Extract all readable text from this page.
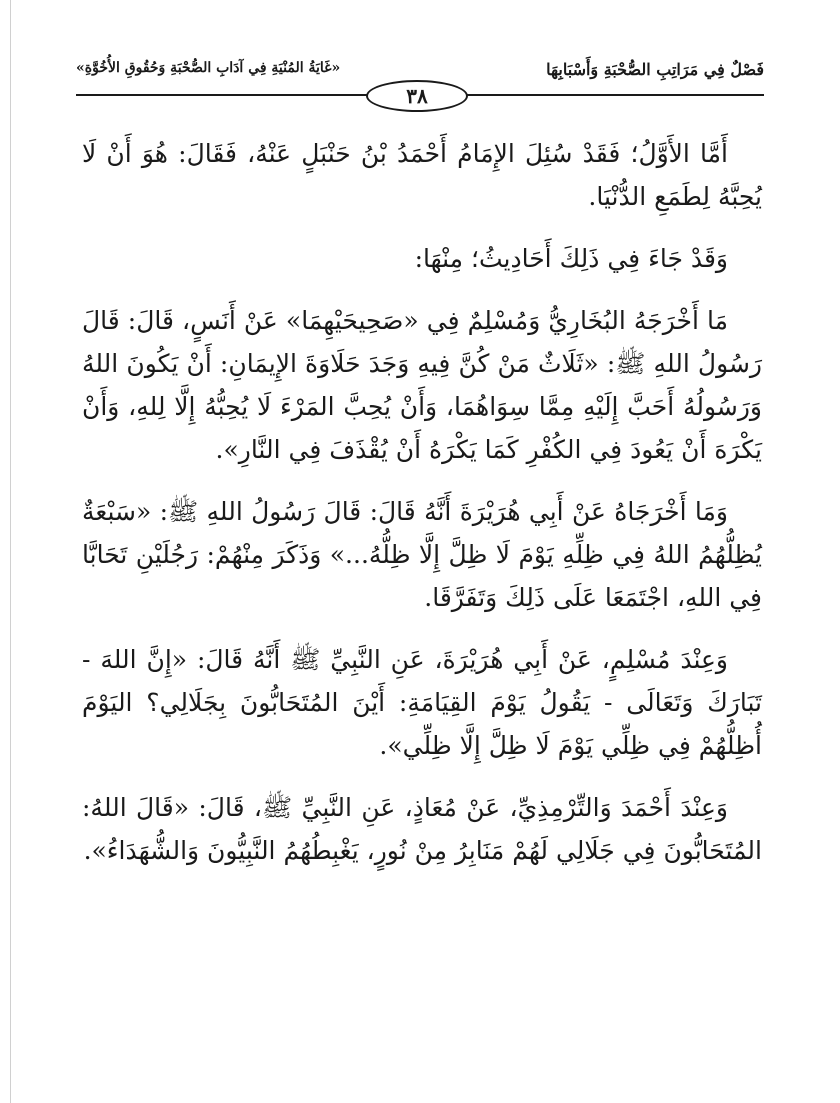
فَصْلٌ فِي مَرَاتِبِ الصُّحْبَةِ وَأَسْبَابِهَا
«غَايَةُ المُنْيَةِ فِي آدَابِ الصُّحْبَةِ وَحُقُوقِ الأُخُوَّةِ»
٣٨

أَمَّا الأَوَّلُ؛ فَقَدْ سُئِلَ الإِمَامُ أَحْمَدُ بْنُ حَنْبَلٍ عَنْهُ، فَقَالَ: هُوَ أَنْ لَا يُحِبَّهُ لِطَمَعِ الدُّنْيَا.

وَقَدْ جَاءَ فِي ذَلِكَ أَحَادِيثُ؛ مِنْهَا:

مَا أَخْرَجَهُ البُخَارِيُّ وَمُسْلِمٌ فِي «صَحِيحَيْهِمَا» عَنْ أَنَسٍ، قَالَ: قَالَ رَسُولُ اللهِ ﷺ: «ثَلَاثٌ مَنْ كُنَّ فِيهِ وَجَدَ حَلَاوَةَ الإِيمَانِ: أَنْ يَكُونَ اللهُ وَرَسُولُهُ أَحَبَّ إِلَيْهِ مِمَّا سِوَاهُمَا، وَأَنْ يُحِبَّ المَرْءَ لَا يُحِبُّهُ إِلَّا لِلهِ، وَأَنْ يَكْرَهَ أَنْ يَعُودَ فِي الكُفْرِ كَمَا يَكْرَهُ أَنْ يُقْذَفَ فِي النَّارِ».

وَمَا أَخْرَجَاهُ عَنْ أَبِي هُرَيْرَةَ أَنَّهُ قَالَ: قَالَ رَسُولُ اللهِ ﷺ: «سَبْعَةٌ يُظِلُّهُمُ اللهُ فِي ظِلِّهِ يَوْمَ لَا ظِلَّ إِلَّا ظِلُّهُ...» وَذَكَرَ مِنْهُمْ: رَجُلَيْنِ تَحَابَّا فِي اللهِ، اجْتَمَعَا عَلَى ذَلِكَ وَتَفَرَّقَا.

وَعِنْدَ مُسْلِمٍ، عَنْ أَبِي هُرَيْرَةَ، عَنِ النَّبِيِّ ﷺ أَنَّهُ قَالَ: «إِنَّ اللهَ - تَبَارَكَ وَتَعَالَى - يَقُولُ يَوْمَ القِيَامَةِ: أَيْنَ المُتَحَابُّونَ بِجَلَالِي؟ اليَوْمَ أُظِلُّهُمْ فِي ظِلِّي يَوْمَ لَا ظِلَّ إِلَّا ظِلِّي».

وَعِنْدَ أَحْمَدَ وَالتِّرْمِذِيِّ، عَنْ مُعَاذٍ، عَنِ النَّبِيِّ ﷺ، قَالَ: «قَالَ اللهُ: المُتَحَابُّونَ فِي جَلَالِي لَهُمْ مَنَابِرُ مِنْ نُورٍ، يَغْبِطُهُمُ النَّبِيُّونَ وَالشُّهَدَاءُ».
